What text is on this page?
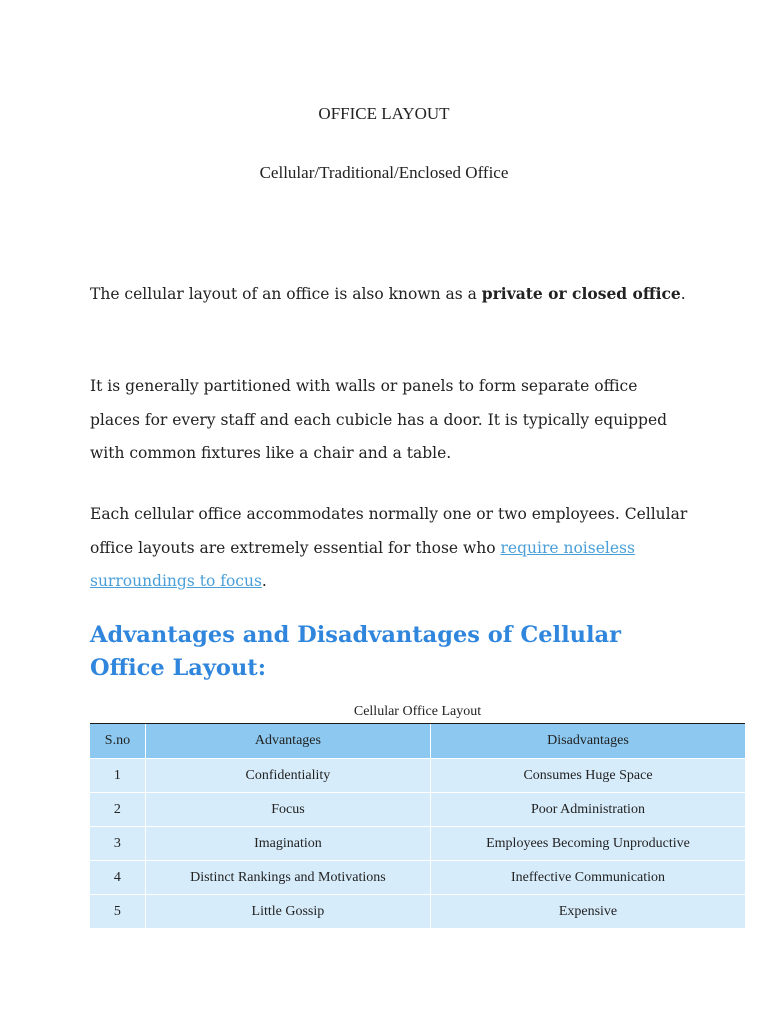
OFFICE LAYOUT
Cellular/Traditional/Enclosed Office

The cellular layout of an office is also known as a private or closed office.

It is generally partitioned with walls or panels to form separate office places for every staff and each cubicle has a door. It is typically equipped with common fixtures like a chair and a table.

Each cellular office accommodates normally one or two employees. Cellular office layouts are extremely essential for those who require noiseless surroundings to focus.

Advantages and Disadvantages of Cellular Office Layout:
Cellular Office Layout
S.no	Advantages	Disadvantages
1	Confidentiality	Consumes Huge Space
2	Focus	Poor Administration
3	Imagination	Employees Becoming Unproductive
4	Distinct Rankings and Motivations	Ineffective Communication
5	Little Gossip	Expensive
